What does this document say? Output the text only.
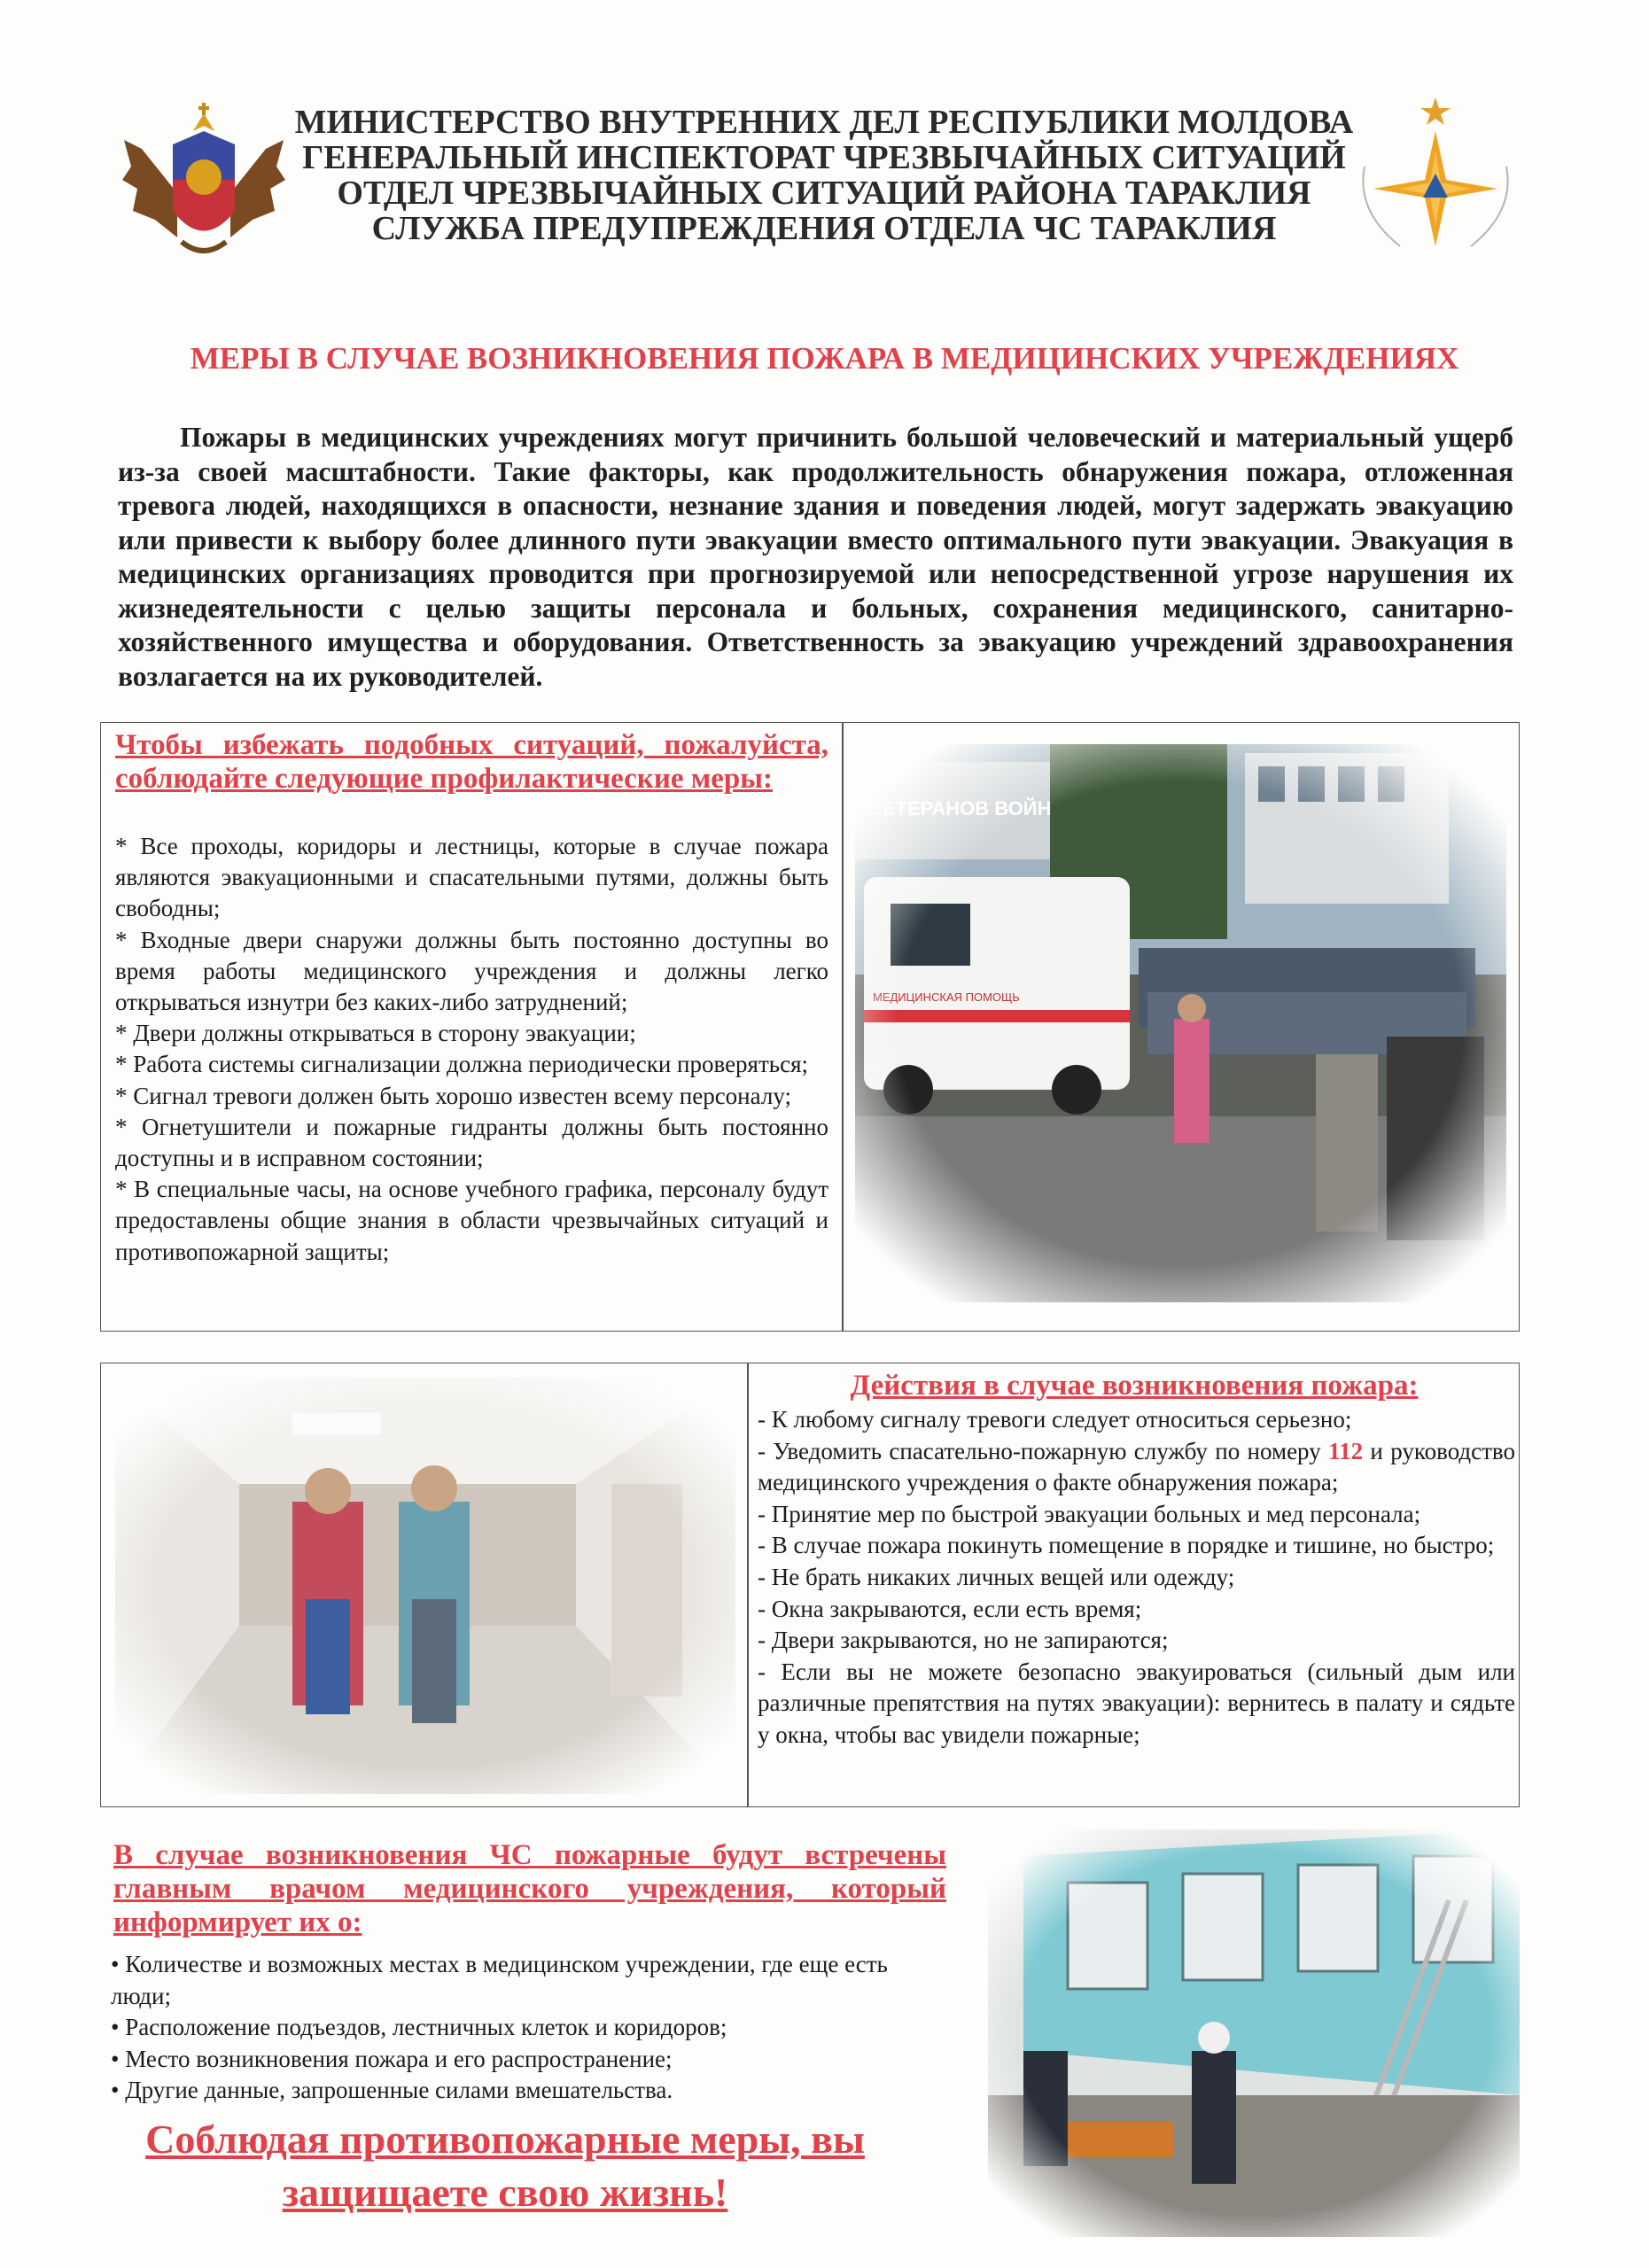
МИНИСТЕРСТВО ВНУТРЕННИХ ДЕЛ РЕСПУБЛИКИ МОЛДОВА
ГЕНЕРАЛЬНЫЙ ИНСПЕКТОРАТ ЧРЕЗВЫЧАЙНЫХ СИТУАЦИЙ
ОТДЕЛ ЧРЕЗВЫЧАЙНЫХ СИТУАЦИЙ РАЙОНА ТАРАКЛИЯ
СЛУЖБА ПРЕДУПРЕЖДЕНИЯ ОТДЕЛА ЧС ТАРАКЛИЯ
МЕРЫ В СЛУЧАЕ ВОЗНИКНОВЕНИЯ ПОЖАРА В МЕДИЦИНСКИХ УЧРЕЖДЕНИЯХ
Пожары в медицинских учреждениях могут причинить большой человеческий и материальный ущерб из-за своей масштабности. Такие факторы, как продолжительность обнаружения пожара, отложенная тревога людей, находящихся в опасности, незнание здания и поведения людей, могут задержать эвакуацию или привести к выбору более длинного пути эвакуации вместо оптимального пути эвакуации. Эвакуация в медицинских организациях проводится при прогнозируемой или непосредственной угрозе нарушения их жизнедеятельности с целью защиты персонала и больных, сохранения медицинского, санитарно-хозяйственного имущества и оборудования. Ответственность за эвакуацию учреждений здравоохранения возлагается на их руководителей.
Чтобы избежать подобных ситуаций, пожалуйста, соблюдайте следующие профилактические меры:

* Все проходы, коридоры и лестницы, которые в случае пожара являются эвакуационными и спасательными путями, должны быть свободны;

* Входные двери снаружи должны быть постоянно доступны во время работы медицинского учреждения и должны легко открываться изнутри без каких-либо затруднений;

* Двери должны открываться в сторону эвакуации;

* Работа системы сигнализации должна периодически проверяться;

* Сигнал тревоги должен быть хорошо известен всему персоналу;

* Огнетушители и пожарные гидранты должны быть постоянно доступны и в исправном состоянии;

* В специальные часы, на основе учебного графика, персоналу будут предоставлены общие знания в области чрезвычайных ситуаций и противопожарной защиты;

Действия в случае возникновения пожара:

- К любому сигналу тревоги следует относиться серьезно;

- Уведомить спасательно-пожарную службу по номеру 112 и руководство медицинского учреждения о факте обнаружения пожара;

- Принятие мер по быстрой эвакуации больных и мед персонала;

- В случае пожара покинуть помещение в порядке и тишине, но быстро;

- Не брать никаких личных вещей или одежду;

- Окна закрываются, если есть время;

- Двери закрываются, но не запираются;

- Если вы не можете безопасно эвакуироваться (сильный дым или различные препятствия на путях эвакуации): вернитесь в палату и сядьте у окна, чтобы вас увидели пожарные;

В случае возникновения ЧС пожарные будут встречены главным врачом медицинского учреждения, который информирует их о:

• Количестве и возможных местах в медицинском учреждении, где еще есть люди;

• Расположение подъездов, лестничных клеток и коридоров;

• Место возникновения пожара и его распространение;

• Другие данные, запрошенные силами вмешательства.

Соблюдая противопожарные меры, вы защищаете свою жизнь!
